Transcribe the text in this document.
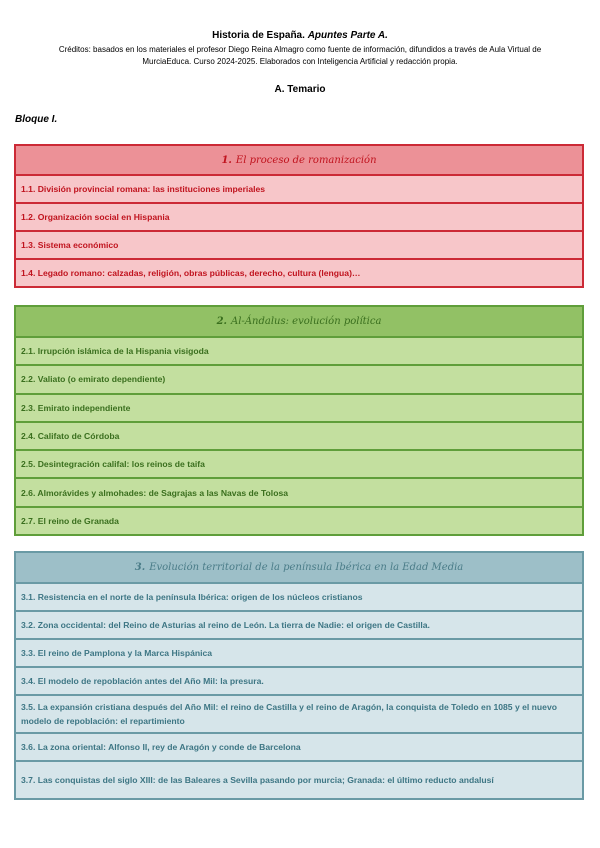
Historia de España. Apuntes Parte A.
Créditos: basados en los materiales el profesor Diego Reina Almagro como fuente de información, difundidos a través de Aula Virtual de MurciaEduca. Curso 2024-2025. Elaborados con Inteligencia Artificial y redacción propia.
A. Temario
Bloque I.
1. El proceso de romanización
1.1. División provincial romana: las instituciones imperiales
1.2. Organización social en Hispania
1.3. Sistema económico
1.4. Legado romano: calzadas, religión, obras públicas, derecho, cultura (lengua)…
2. Al-Ándalus: evolución política
2.1. Irrupción islámica de la Hispania visigoda
2.2. Valiato (o emirato dependiente)
2.3. Emirato independiente
2.4. Califato de Córdoba
2.5. Desintegración califal: los reinos de taifa
2.6. Almorávides y almohades: de Sagrajas a las Navas de Tolosa
2.7. El reino de Granada
3. Evolución territorial de la península Ibérica en la Edad Media
3.1. Resistencia en el norte de la península Ibérica: origen de los núcleos cristianos
3.2. Zona occidental: del Reino de Asturias al reino de León. La tierra de Nadie: el origen de Castilla.
3.3. El reino de Pamplona y la Marca Hispánica
3.4. El modelo de repoblación antes del Año Mil: la presura.
3.5. La expansión cristiana después del Año Mil: el reino de Castilla y el reino de Aragón, la conquista de Toledo en 1085 y el nuevo modelo de repoblación: el repartimiento
3.6. La zona oriental: Alfonso II, rey de Aragón y conde de Barcelona
3.7. Las conquistas del siglo XIII: de las Baleares a Sevilla pasando por murcia; Granada: el último reducto andalusí
